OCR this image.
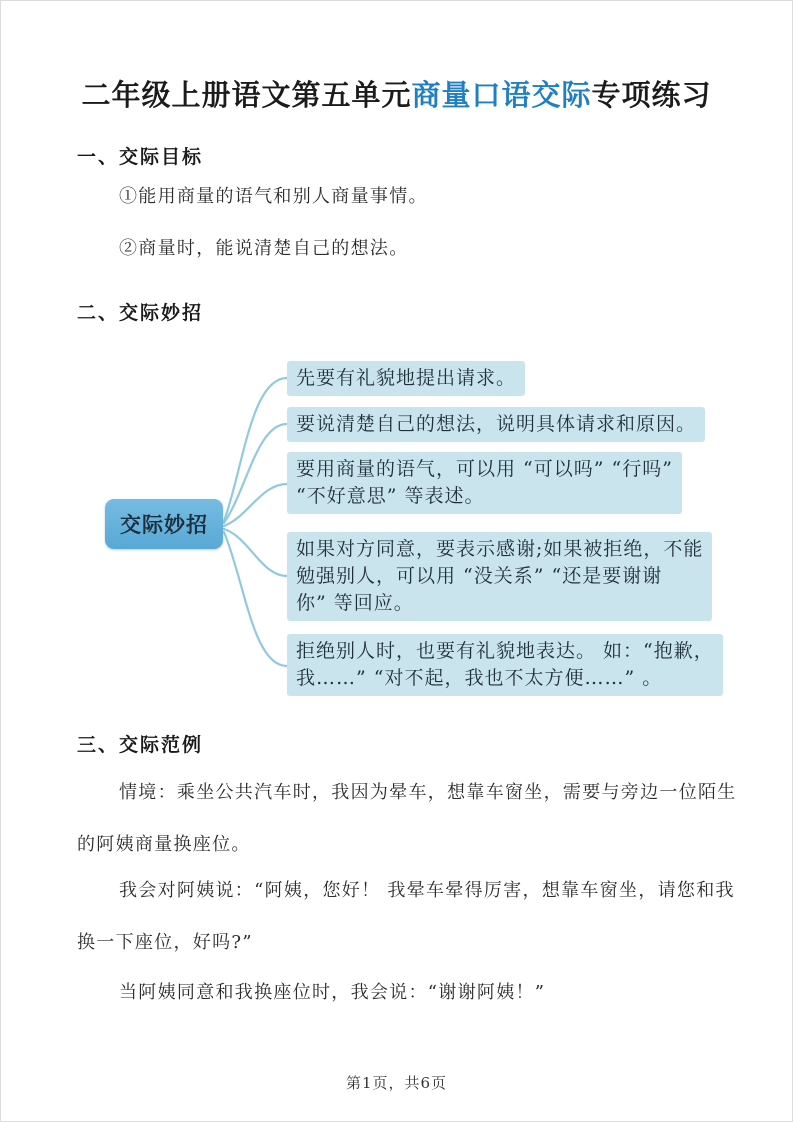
二年级上册语文第五单元商量口语交际专项练习
一、交际目标
①能用商量的语气和别人商量事情。
②商量时，能说清楚自己的想法。
二、交际妙招
交际妙招
先要有礼貌地提出请求。
要说清楚自己的想法，说明具体请求和原因。
要用商量的语气，可以用 “可以吗” “行吗”
“不好意思” 等表述。
如果对方同意，要表示感谢;如果被拒绝，不能
勉强别人，可以用 “没关系” “还是要谢谢
你” 等回应。
拒绝别人时，也要有礼貌地表达。 如：“抱歉，
我……” “对不起，我也不太方便……” 。
三、交际范例
情境：乘坐公共汽车时，我因为晕车，想靠车窗坐，需要与旁边一位陌生
的阿姨商量换座位。
我会对阿姨说：“阿姨，您好！ 我晕车晕得厉害，想靠车窗坐，请您和我
换一下座位，好吗?”
当阿姨同意和我换座位时，我会说：“谢谢阿姨！”
第1页，共6页
